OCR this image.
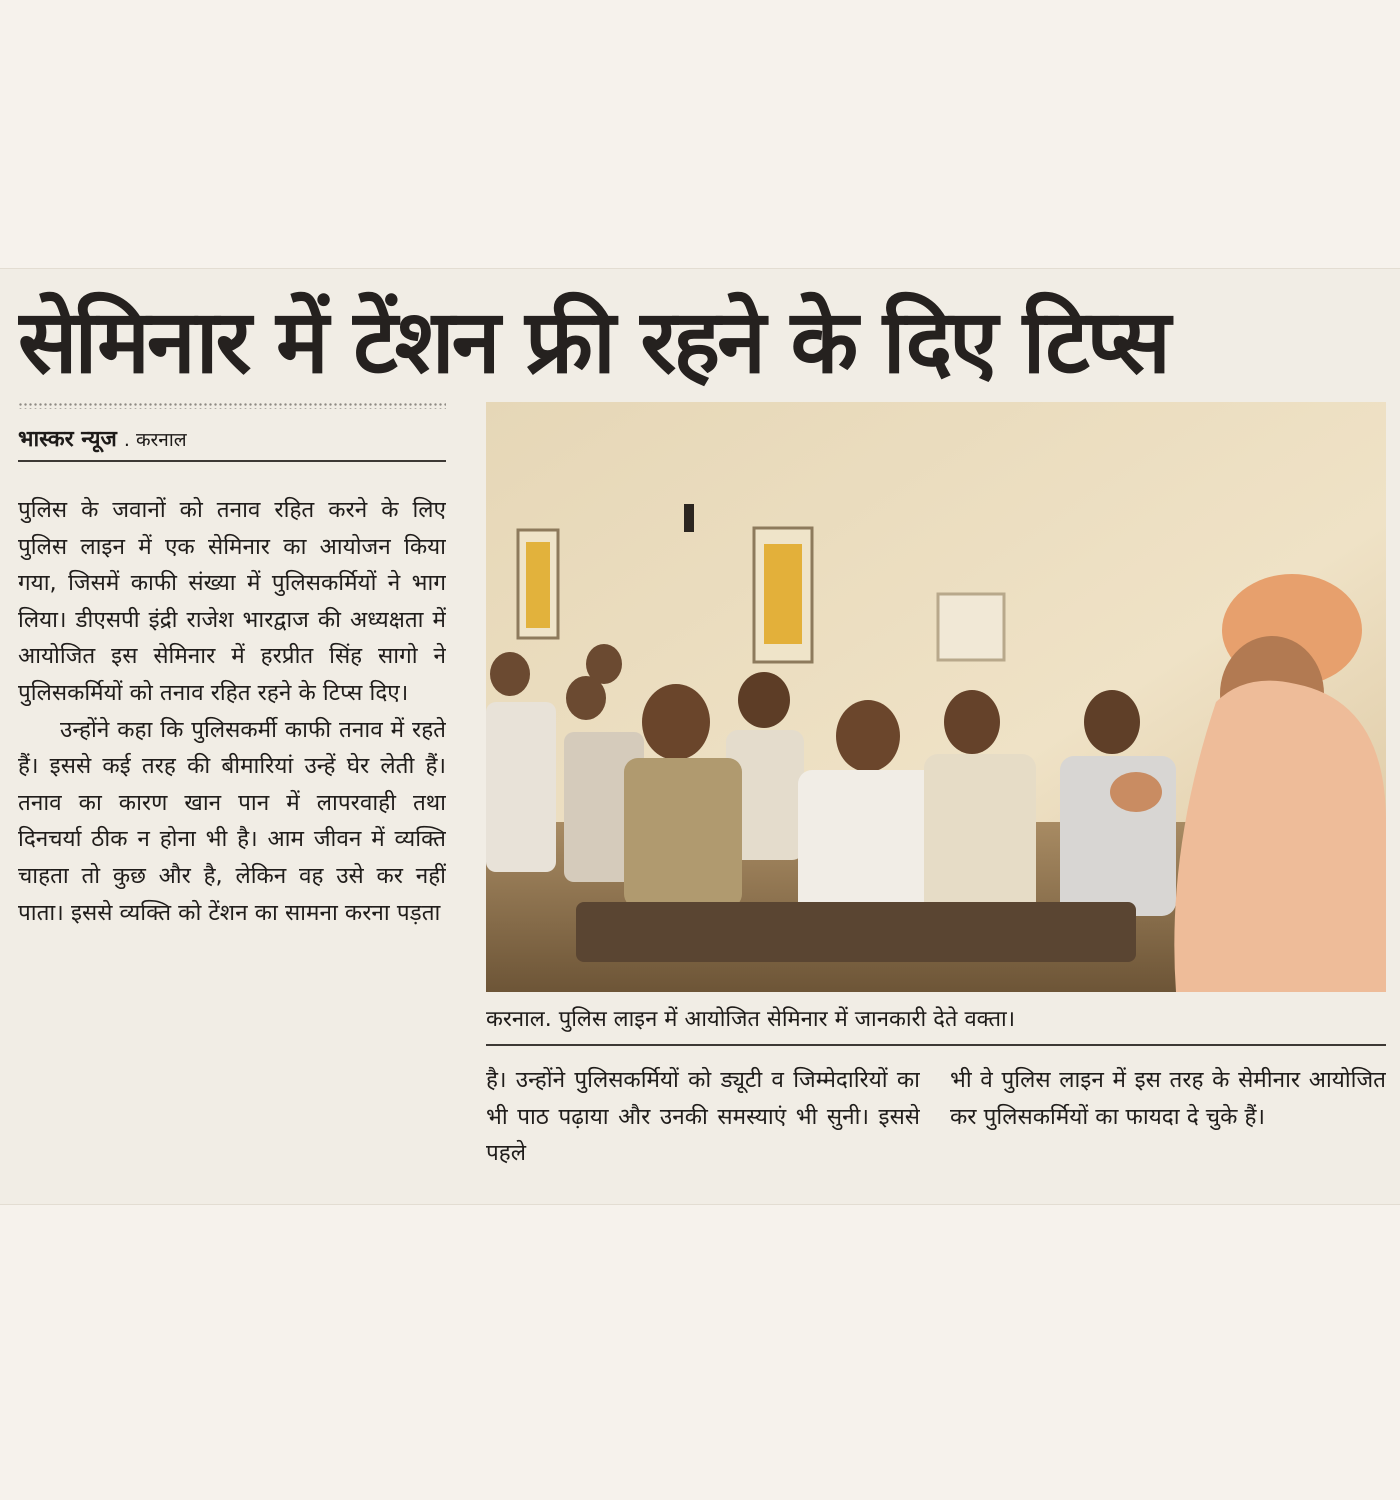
सेमिनार में टेंशन फ्री रहने के दिए टिप्स
भास्कर न्यूज . करनाल

पुलिस के जवानों को तनाव रहित करने के लिए पुलिस लाइन में एक सेमिनार का आयोजन किया गया, जिसमें काफी संख्या में पुलिसकर्मियों ने भाग लिया। डीएसपी इंद्री राजेश भारद्वाज की अध्यक्षता में आयोजित इस सेमिनार में हरप्रीत सिंह सागो ने पुलिसकर्मियों को तनाव रहित रहने के टिप्स दिए।

उन्होंने कहा कि पुलिसकर्मी काफी तनाव में रहते हैं। इससे कई तरह की बीमारियां उन्हें घेर लेती हैं। तनाव का कारण खान पान में लापरवाही तथा दिनचर्या ठीक न होना भी है। आम जीवन में व्यक्ति चाहता तो कुछ और है, लेकिन वह उसे कर नहीं पाता। इससे व्यक्ति को टेंशन का सामना करना पड़ता

करनाल. पुलिस लाइन में आयोजित सेमिनार में जानकारी देते वक्ता।

है। उन्होंने पुलिसकर्मियों को ड्यूटी व जिम्मेदारियों का भी पाठ पढ़ाया और उनकी समस्याएं भी सुनी। इससे पहले

भी वे पुलिस लाइन में इस तरह के सेमीनार आयोजित कर पुलिसकर्मियों का फायदा दे चुके हैं।
